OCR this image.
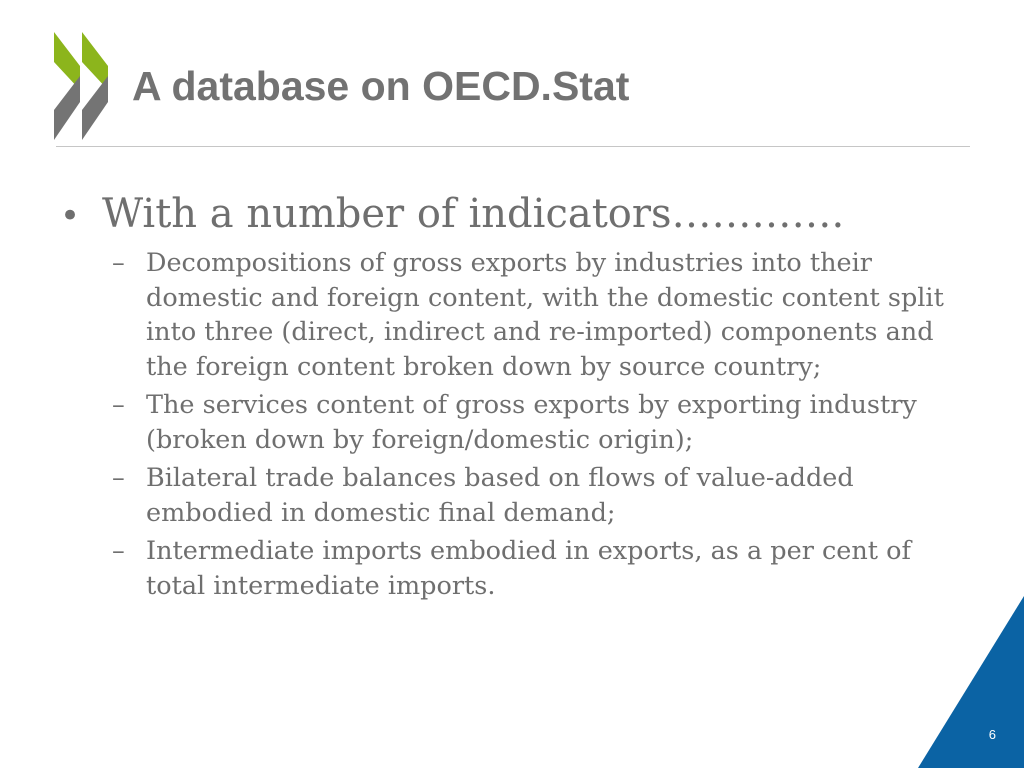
A database on OECD.Stat
• With a number of indicators………….
– Decompositions of gross exports by industries into their domestic and foreign content, with the domestic content split into three (direct, indirect and re-imported) components and the foreign content broken down by source country;
– The services content of gross exports by exporting industry (broken down by foreign/domestic origin);
– Bilateral trade balances based on flows of value-added embodied in domestic final demand;
– Intermediate imports embodied in exports, as a per cent of total intermediate imports.
6
